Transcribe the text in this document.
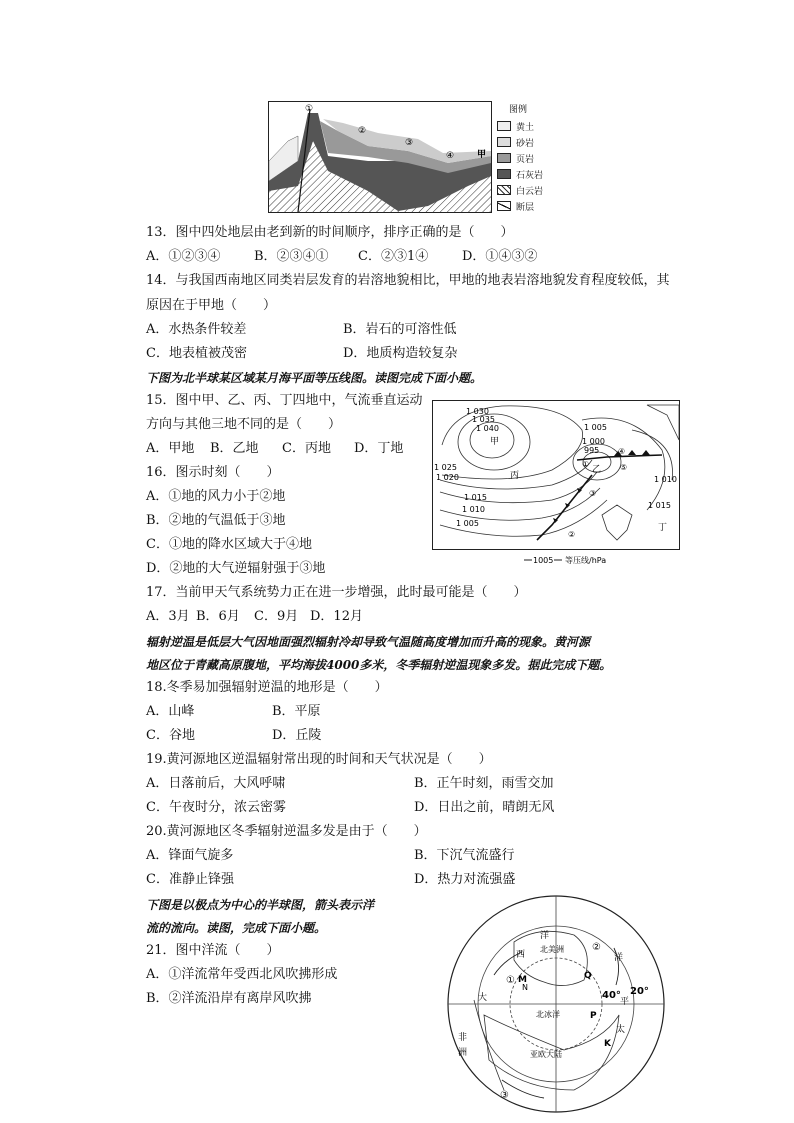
①
②
③
④	甲
图例
黄土
砂岩
页岩
石灰岩
白云岩
断层
13．图中四处地层由老到新的时间顺序，排序正确的是（　　）
A．①②③④	B．②③④① C．②③1④	D．①④③②
14．与我国西南地区同类岩层发育的岩溶地貌相比，甲地的地表岩溶地貌发育程度较低，其
原因在于甲地（　　）
A．水热条件较差	B．岩石的可溶性低
C．地表植被茂密	D．地质构造较复杂
下图为北半球某区域某月海平面等压线图。读图完成下面小题。
1 030
1 035
1 040
1 025
1 020
1 015
1 010
1 005
1 000
995
1 005
1 010
1 015
甲
乙
丙
丁
①
②
③
④
⑤
1005 等压线/hPa
15．图中甲、乙、丙、丁四地中，气流垂直运动
方向与其他三地不同的是（　　）
A．甲地 B．乙地 C．丙地 D．丁地
16．图示时刻（　　）
A．①地的风力小于②地
B．②地的气温低于③地
C．①地的降水区域大于④地
D．②地的大气逆辐射强于③地
17．当前甲天气系统势力正在进一步增强，此时最可能是（　　）
A．3月 B．6月 C．9月 D．12月
辐射逆温是低层大气因地面强烈辐射冷却导致气温随高度增加而升高的现象。黄河源
地区位于青藏高原腹地，平均海拔4000多米，冬季辐射逆温现象多发。据此完成下题。
18.冬季易加强辐射逆温的地形是（　　）
A．山峰	B．平原
C．谷地	D．丘陵
19.黄河源地区逆温辐射常出现的时间和天气状况是（　　）
A．日落前后，大风呼啸	B．正午时刻，雨雪交加
C．午夜时分，浓云密雾	D．日出之前，晴朗无风
20.黄河源地区冬季辐射逆温多发是由于（　　）
A．锋面气旋多	B．下沉气流盛行
C．准静止锋强	D．热力对流强盛
下图是以极点为中心的半球图，箭头表示洋
流的流向。读图，完成下面小题。
21．图中洋流（　　）
A．①洋流常年受西北风吹拂形成
B．②洋流沿岸有离岸风吹拂
西
大
洋
洋
平
太
非
洲
北美洲
北冰洋
亚欧大陆
①
②
③
M
N
Q
P
K
40° 20°
